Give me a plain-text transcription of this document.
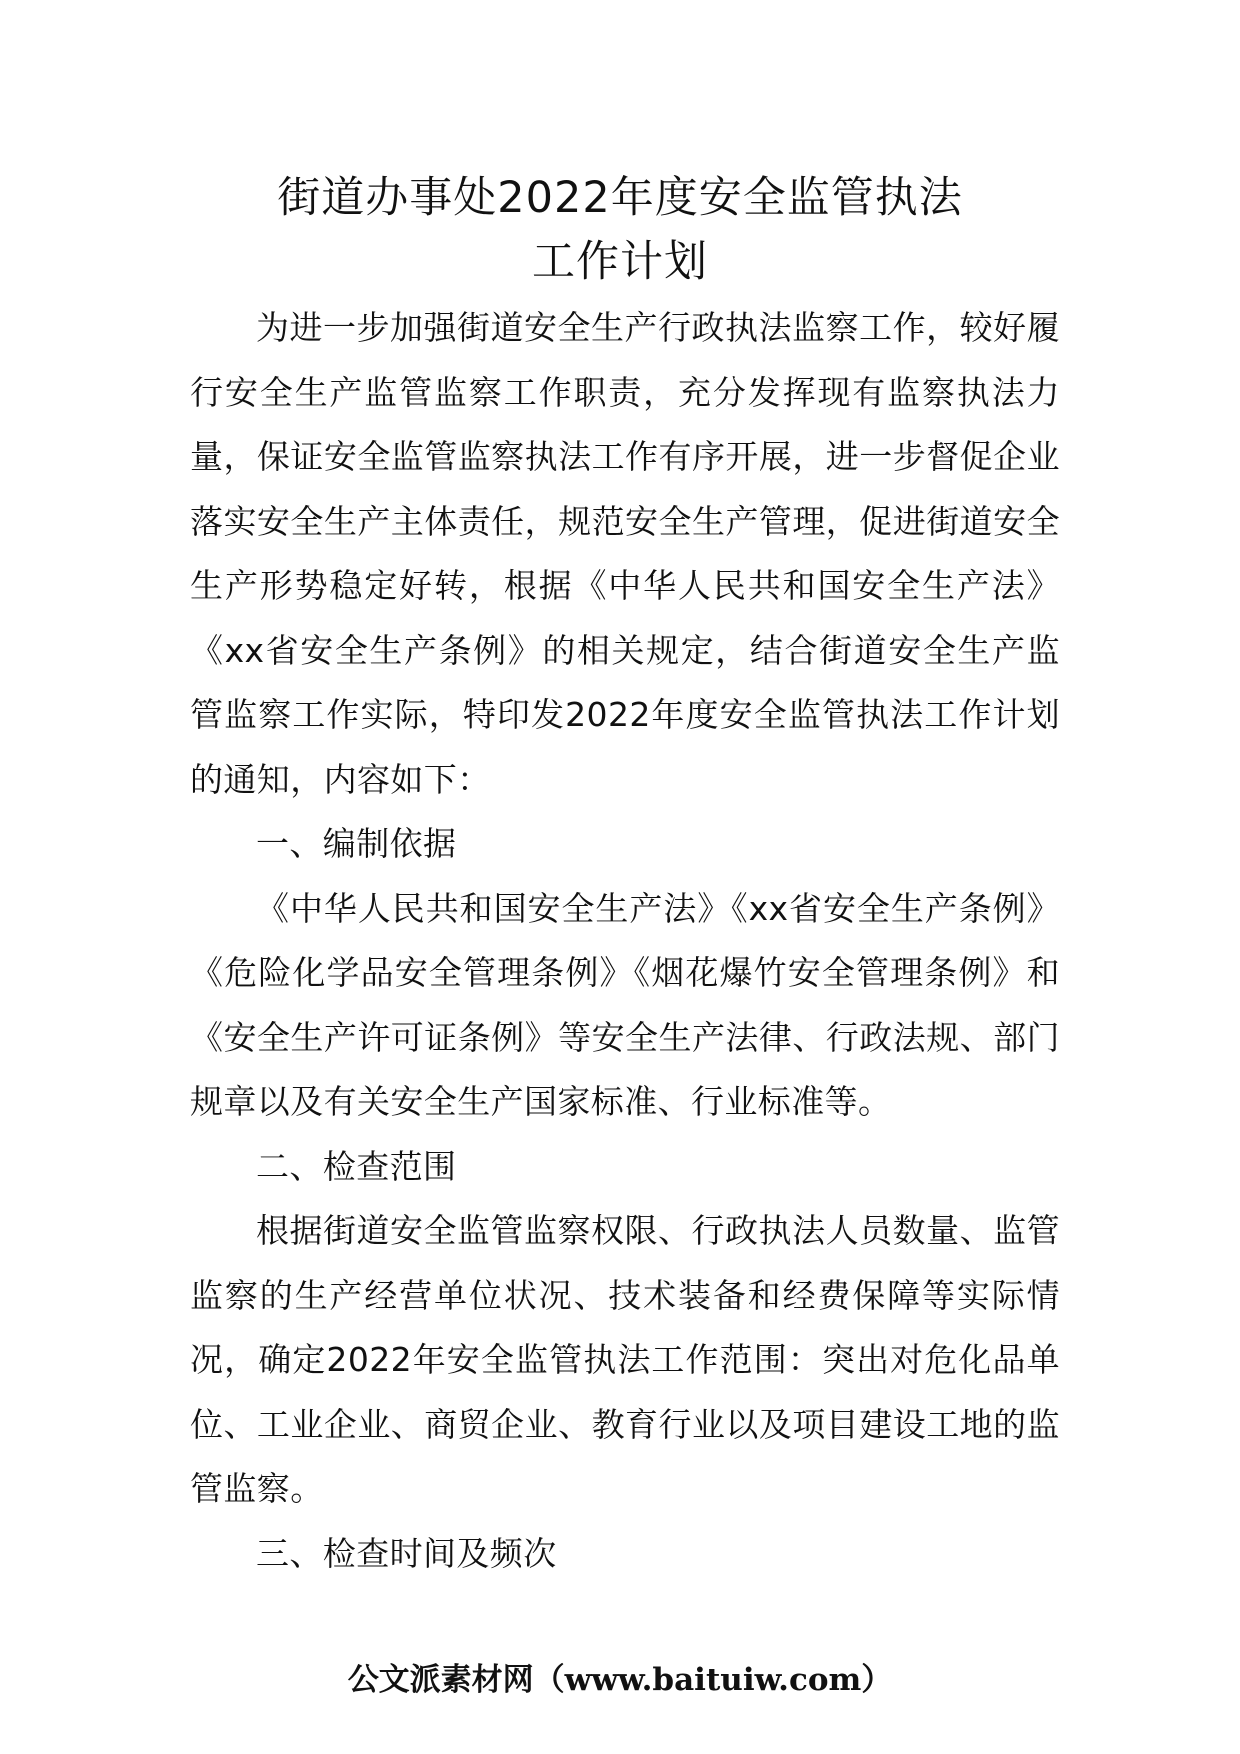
街道办事处2022年度安全监管执法
工作计划

为进一步加强街道安全生产行政执法监察工作，较好履行安全生产监管监察工作职责，充分发挥现有监察执法力量，保证安全监管监察执法工作有序开展，进一步督促企业落实安全生产主体责任，规范安全生产管理，促进街道安全生产形势稳定好转，根据《中华人民共和国安全生产法》《xx省安全生产条例》的相关规定，结合街道安全生产监管监察工作实际，特印发2022年度安全监管执法工作计划的通知，内容如下：

一、编制依据

《中华人民共和国安全生产法》《xx省安全生产条例》《危险化学品安全管理条例》《烟花爆竹安全管理条例》和《安全生产许可证条例》等安全生产法律、行政法规、部门规章以及有关安全生产国家标准、行业标准等。

二、检查范围

根据街道安全监管监察权限、行政执法人员数量、监管监察的生产经营单位状况、技术装备和经费保障等实际情况，确定2022年安全监管执法工作范围：突出对危化品单位、工业企业、商贸企业、教育行业以及项目建设工地的监管监察。

三、检查时间及频次

公文派素材网（www.baituiw.com）
